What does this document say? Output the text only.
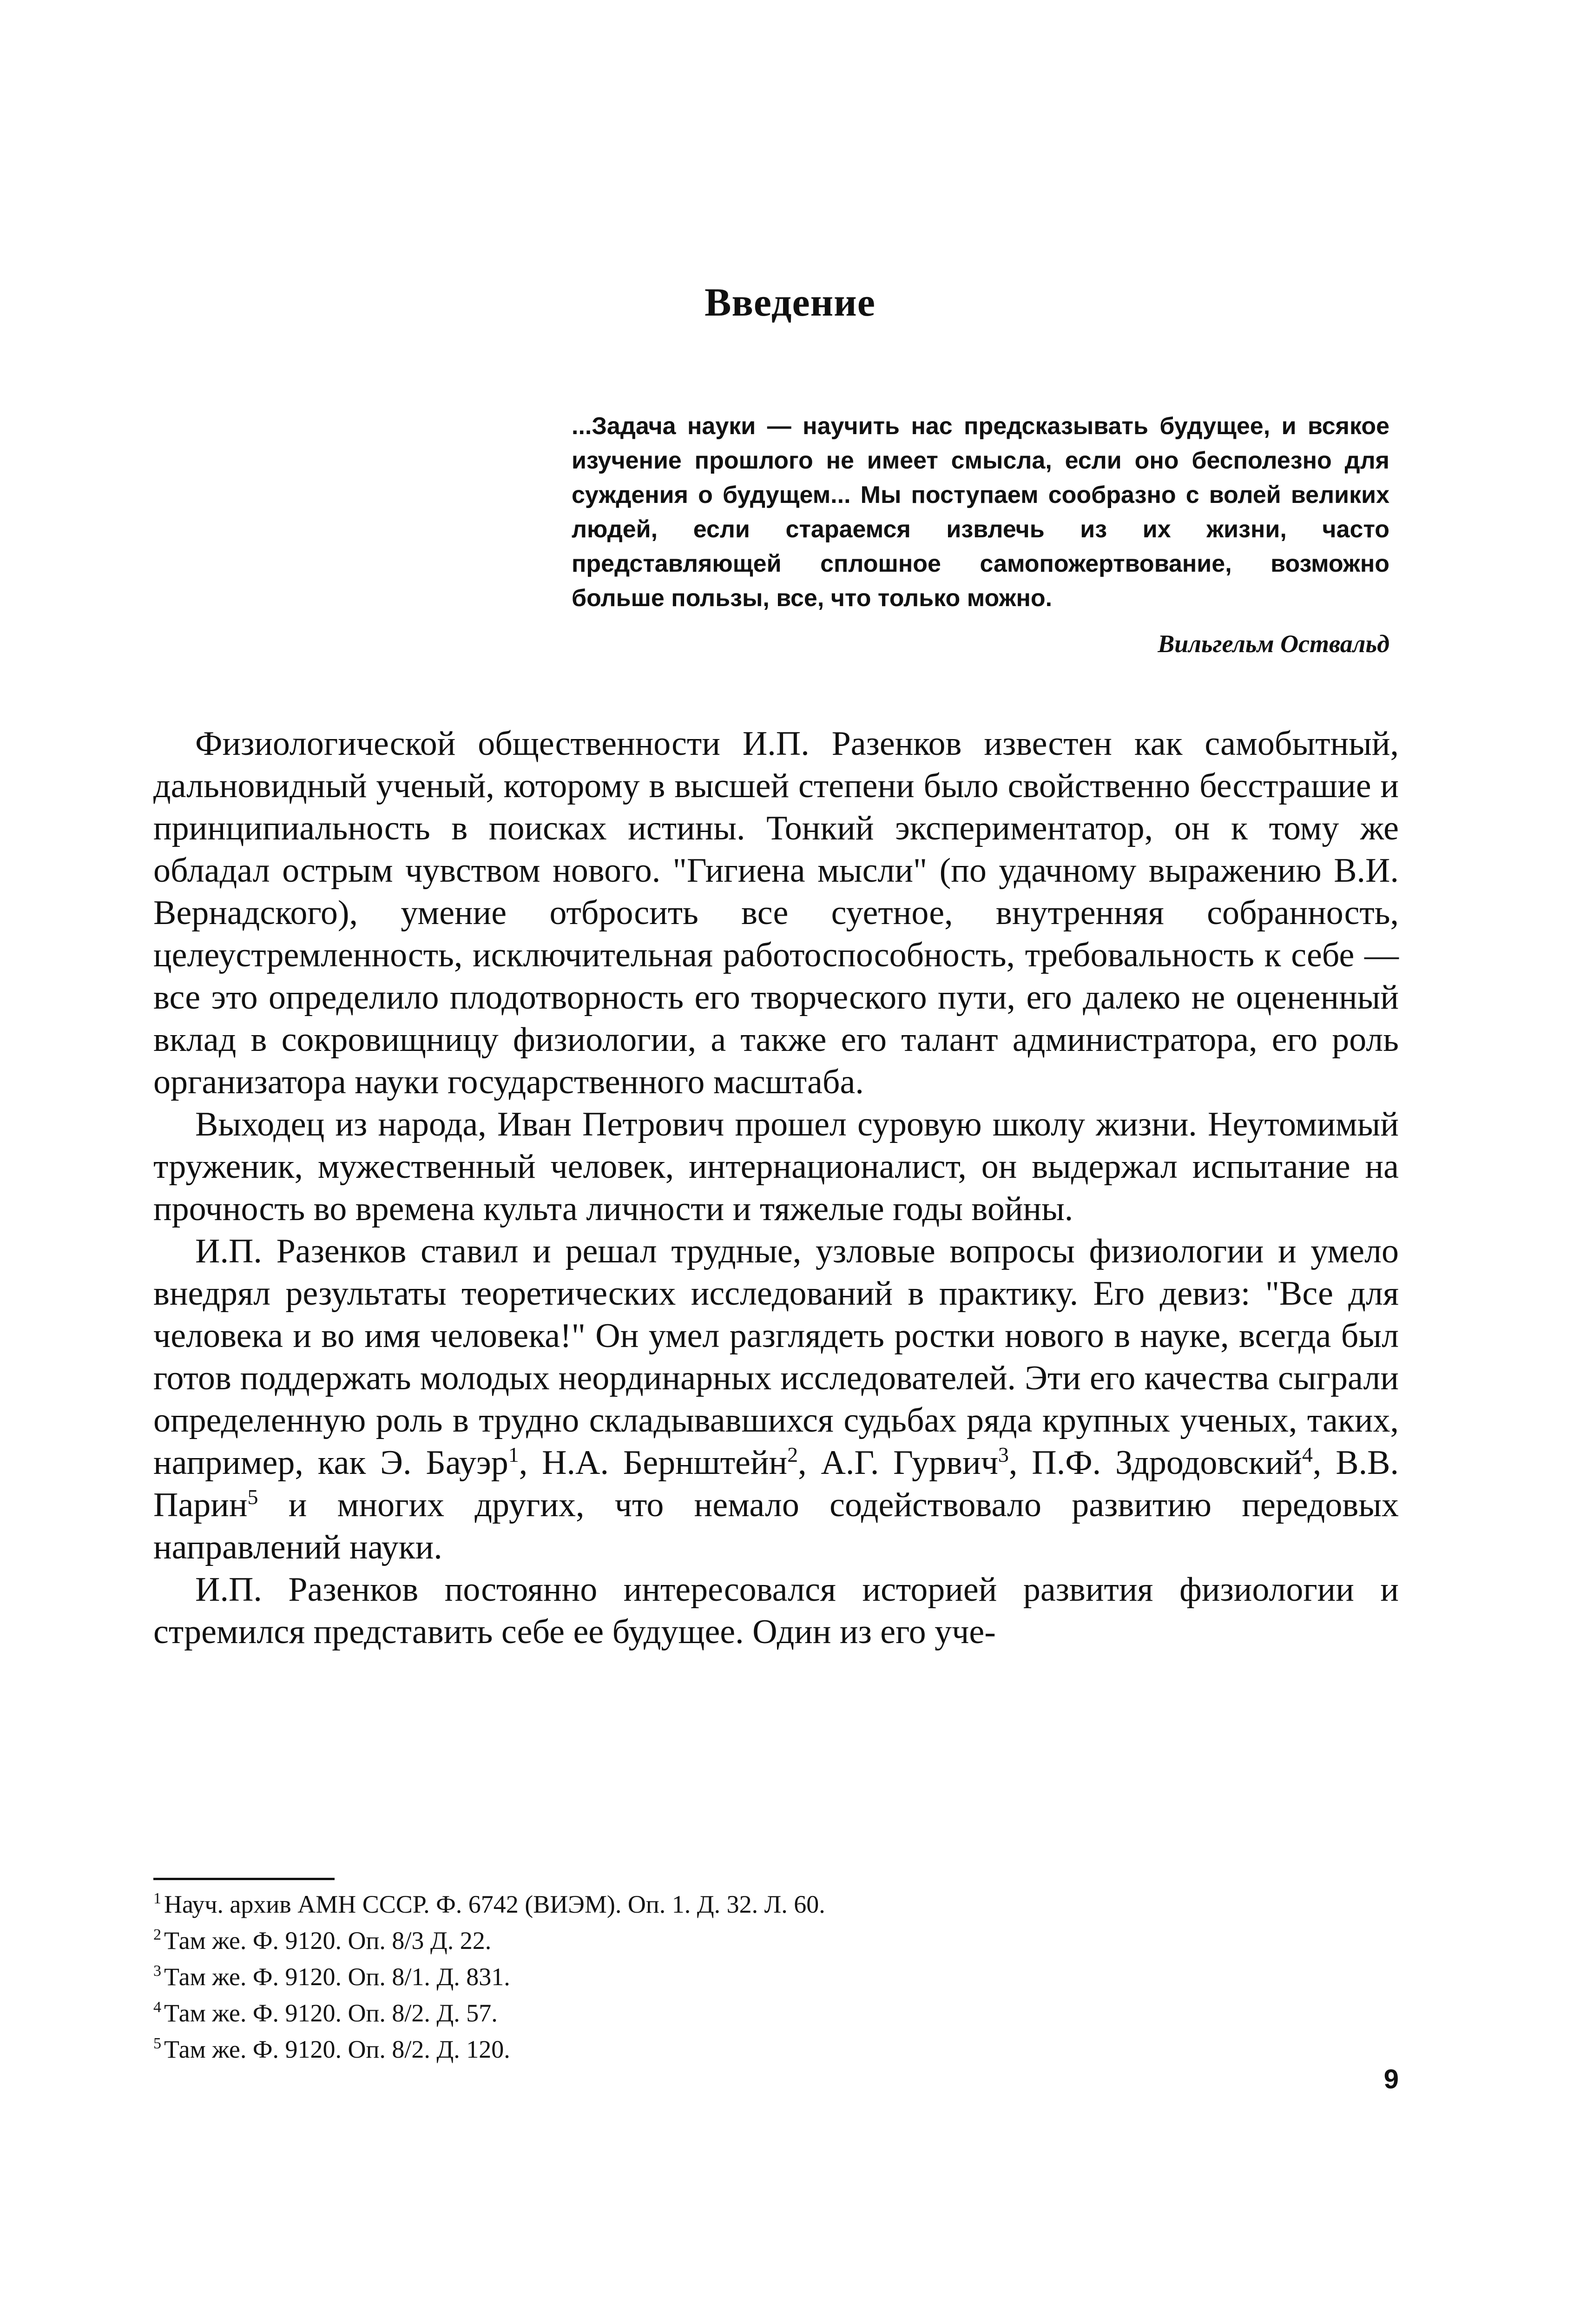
Введение

...Задача науки — научить нас предсказывать будущее, и всякое изучение прошлого не имеет смысла, если оно бесполезно для суждения о будущем... Мы поступаем сообразно с волей великих людей, если стараемся извлечь из их жизни, часто представляющей сплошное самопожертвование, возможно больше пользы, все, что только можно.

Вильгельм Оствальд

Физиологической общественности И.П. Разенков известен как самобытный, дальновидный ученый, которому в высшей степени было свойственно бесстрашие и принципиальность в поисках истины. Тонкий экспериментатор, он к тому же обладал острым чувством нового. "Гигиена мысли" (по удачному выражению В.И. Вернадского), умение отбросить все суетное, внутренняя собранность, целеустремленность, исключительная работоспособность, требовальность к себе — все это определило плодотворность его творческого пути, его далеко не оцененный вклад в сокровищницу физиологии, а также его талант администратора, его роль организатора науки государственного масштаба.

Выходец из народа, Иван Петрович прошел суровую школу жизни. Неутомимый труженик, мужественный человек, интернационалист, он выдержал испытание на прочность во времена культа личности и тяжелые годы войны.

И.П. Разенков ставил и решал трудные, узловые вопросы физиологии и умело внедрял результаты теоретических исследований в практику. Его девиз: "Все для человека и во имя человека!" Он умел разглядеть ростки нового в науке, всегда был готов поддержать молодых неординарных исследователей. Эти его качества сыграли определенную роль в трудно складывавшихся судьбах ряда крупных ученых, таких, например, как Э. Бауэр$^1$, Н.А. Бернштейн$^2$, А.Г. Гурвич$^3$, П.Ф. Здродовский$^4$, В.В. Парин$^5$ и многих других, что немало содействовало развитию передовых направлений науки.

И.П. Разенков постоянно интересовался историей развития физиологии и стремился представить себе ее будущее. Один из его уче-

$^1$ Науч. архив АМН СССР. Ф. 6742 (ВИЭМ). Оп. 1. Д. 32. Л. 60.
$^2$ Там же. Ф. 9120. Оп. 8/3 Д. 22.
$^3$ Там же. Ф. 9120. Оп. 8/1. Д. 831.
$^4$ Там же. Ф. 9120. Оп. 8/2. Д. 57.
$^5$ Там же. Ф. 9120. Оп. 8/2. Д. 120.
9
